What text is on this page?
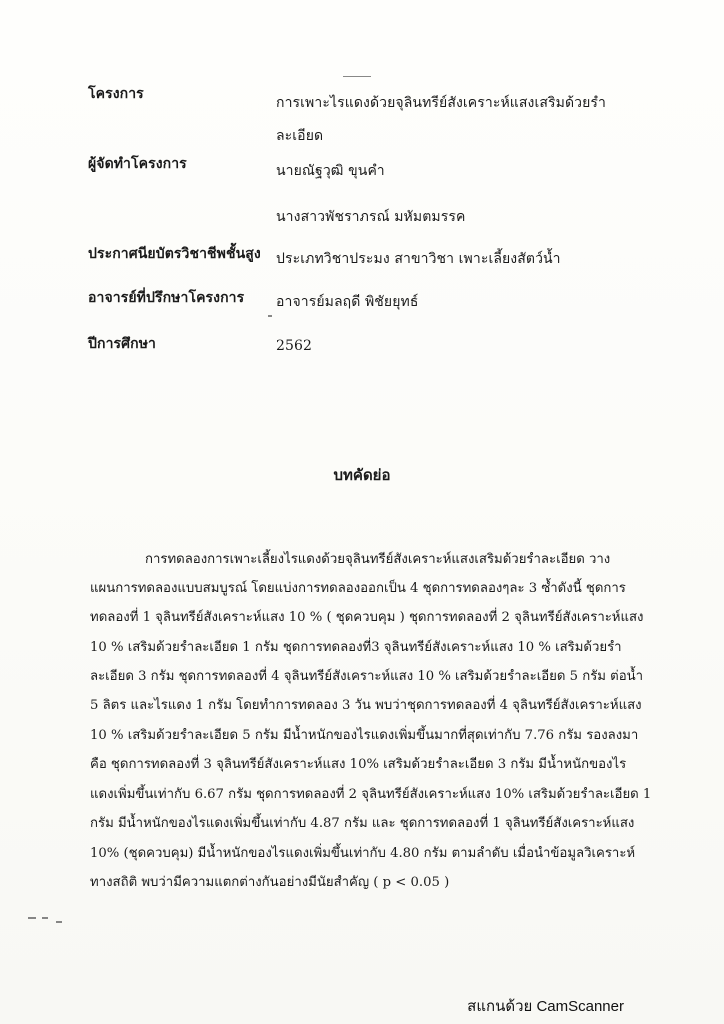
โครงการ
การเพาะไรแดงด้วยจุลินทรีย์สังเคราะห์แสงเสริมด้วยรำ
ละเอียด
ผู้จัดทำโครงการ	นายณัฐวุฒิ ขุนคำ
นางสาวพัชราภรณ์ มหัมตมรรค
ประกาศนียบัตรวิชาชีพชั้นสูง ประเภทวิชาประมง สาขาวิชา เพาะเลี้ยงสัตว์น้ำ
อาจารย์ที่ปรึกษาโครงการ อาจารย์มลฤดี พิชัยยุทธ์
ปีการศึกษา	2562
บทคัดย่อ
การทดลองการเพาะเลี้ยงไรแดงด้วยจุลินทรีย์สังเคราะห์แสงเสริมด้วยรำละเอียด วาง
แผนการทดลองแบบสมบูรณ์ โดยแบ่งการทดลองออกเป็น 4 ชุดการทดลองๆละ 3 ซ้ำดังนี้ ชุดการ
ทดลองที่ 1 จุลินทรีย์สังเคราะห์แสง 10 % ( ชุดควบคุม ) ชุดการทดลองที่ 2 จุลินทรีย์สังเคราะห์แสง
10 % เสริมด้วยรำละเอียด 1 กรัม ชุดการทดลองที่3 จุลินทรีย์สังเคราะห์แสง 10 % เสริมด้วยรำ
ละเอียด 3 กรัม ชุดการทดลองที่ 4 จุลินทรีย์สังเคราะห์แสง 10 % เสริมด้วยรำละเอียด 5 กรัม ต่อน้ำ
5 ลิตร และไรแดง 1 กรัม โดยทำการทดลอง 3 วัน พบว่าชุดการทดลองที่ 4 จุลินทรีย์สังเคราะห์แสง
10 % เสริมด้วยรำละเอียด 5 กรัม มีน้ำหนักของไรแดงเพิ่มขึ้นมากที่สุดเท่ากับ 7.76 กรัม รองลงมา
คือ ชุดการทดลองที่ 3 จุลินทรีย์สังเคราะห์แสง 10% เสริมด้วยรำละเอียด 3 กรัม มีน้ำหนักของไร
แดงเพิ่มขึ้นเท่ากับ 6.67 กรัม ชุดการทดลองที่ 2 จุลินทรีย์สังเคราะห์แสง 10% เสริมด้วยรำละเอียด 1
กรัม มีน้ำหนักของไรแดงเพิ่มขึ้นเท่ากับ 4.87 กรัม และ ชุดการทดลองที่ 1 จุลินทรีย์สังเคราะห์แสง
10% (ชุดควบคุม) มีน้ำหนักของไรแดงเพิ่มขึ้นเท่ากับ 4.80 กรัม ตามลำดับ เมื่อนำข้อมูลวิเคราะห์
ทางสถิติ พบว่ามีความแตกต่างกันอย่างมีนัยสำคัญ ( p < 0.05 )
สแกนด้วย CamScanner
